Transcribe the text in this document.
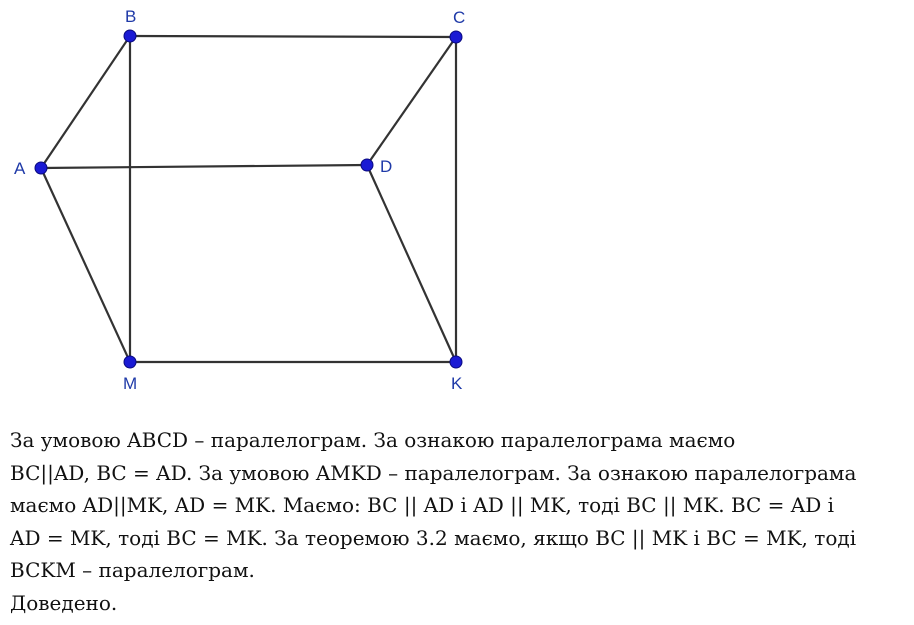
B	C
A	D
M	K
За умовою ABCD – паралелограм. За ознакою паралелограма маємо
BC||AD, BC = AD. За умовою AMKD – паралелограм. За ознакою паралелограма
маємо AD||MK, AD = MK. Маємо: BC || AD і AD || MK, тоді BC || MK. BC = AD і
AD = MK, тоді BC = MK. За теоремою 3.2 маємо, якщо BC || MK і BC = MK, тоді
BCKM – паралелограм.
Доведено.
